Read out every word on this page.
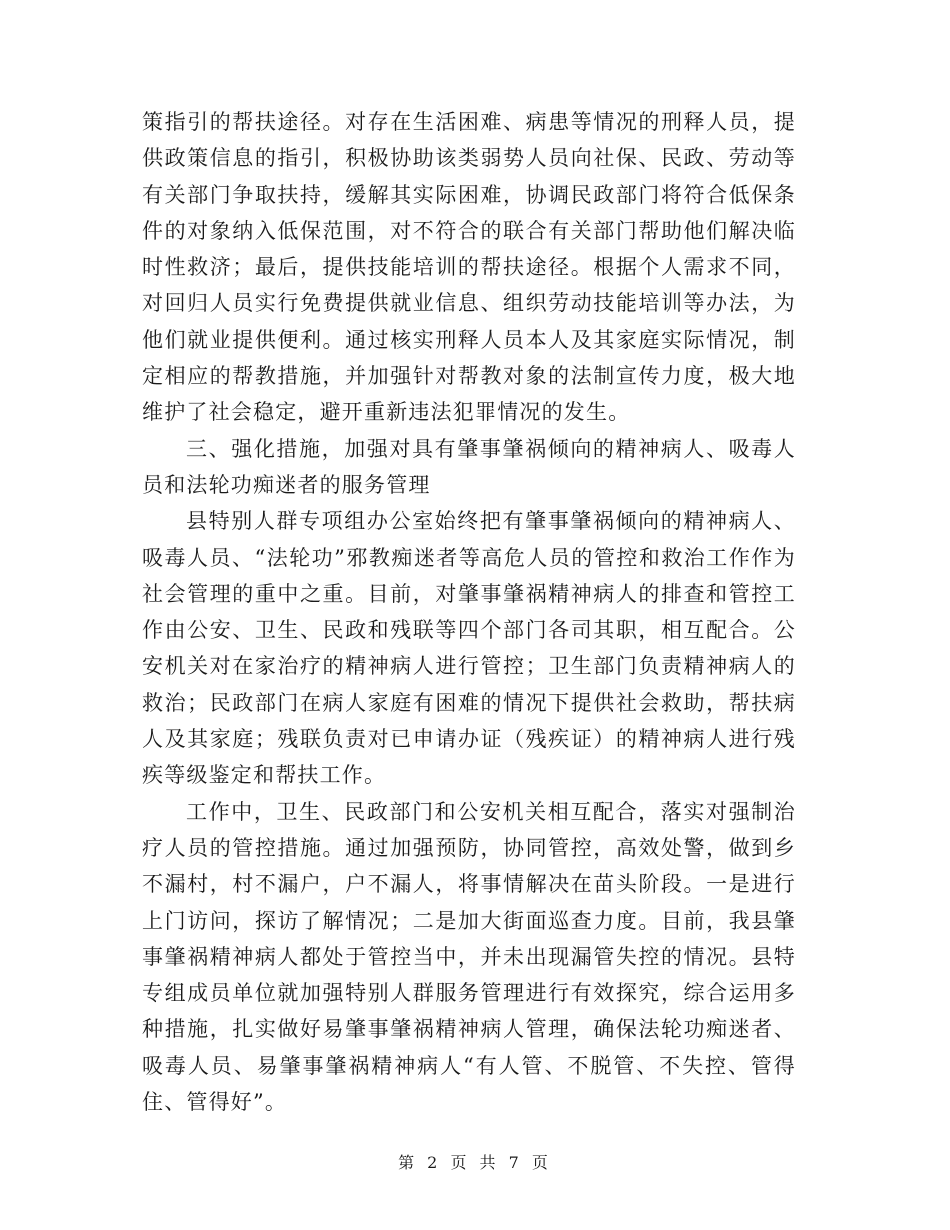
策指引的帮扶途径。对存在生活困难、病患等情况的刑释人员，提供政策信息的指引，积极协助该类弱势人员向社保、民政、劳动等有关部门争取扶持，缓解其实际困难，协调民政部门将符合低保条件的对象纳入低保范围，对不符合的联合有关部门帮助他们解决临时性救济；最后，提供技能培训的帮扶途径。根据个人需求不同，对回归人员实行免费提供就业信息、组织劳动技能培训等办法，为他们就业提供便利。通过核实刑释人员本人及其家庭实际情况，制定相应的帮教措施，并加强针对帮教对象的法制宣传力度，极大地维护了社会稳定，避开重新违法犯罪情况的发生。

三、强化措施，加强对具有肇事肇祸倾向的精神病人、吸毒人员和法轮功痴迷者的服务管理

县特别人群专项组办公室始终把有肇事肇祸倾向的精神病人、吸毒人员、“法轮功”邪教痴迷者等高危人员的管控和救治工作作为社会管理的重中之重。目前，对肇事肇祸精神病人的排查和管控工作由公安、卫生、民政和残联等四个部门各司其职，相互配合。公安机关对在家治疗的精神病人进行管控；卫生部门负责精神病人的救治；民政部门在病人家庭有困难的情况下提供社会救助，帮扶病人及其家庭；残联负责对已申请办证（残疾证）的精神病人进行残疾等级鉴定和帮扶工作。

工作中，卫生、民政部门和公安机关相互配合，落实对强制治疗人员的管控措施。通过加强预防，协同管控，高效处警，做到乡不漏村，村不漏户，户不漏人，将事情解决在苗头阶段。一是进行上门访问，探访了解情况；二是加大街面巡查力度。目前，我县肇事肇祸精神病人都处于管控当中，并未出现漏管失控的情况。县特专组成员单位就加强特别人群服务管理进行有效探究，综合运用多种措施，扎实做好易肇事肇祸精神病人管理，确保法轮功痴迷者、吸毒人员、易肇事肇祸精神病人“有人管、不脱管、不失控、管得住、管得好”。

第 2 页 共 7 页
